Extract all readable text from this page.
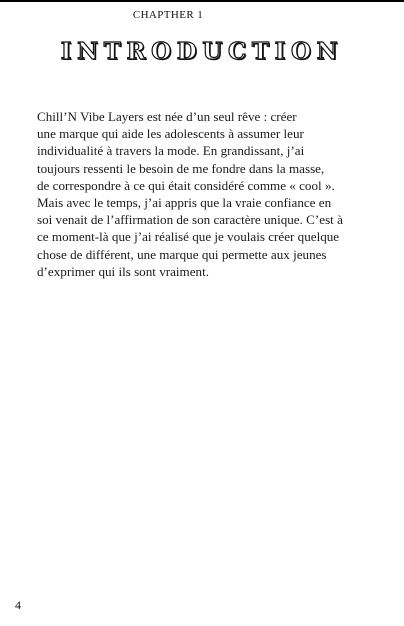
CHAPTHER 1
INTRODUCTION

Chill’N Vibe Layers est née d’un seul rêve : créer
une marque qui aide les adolescents à assumer leur
individualité à travers la mode. En grandissant, j’ai
toujours ressenti le besoin de me fondre dans la masse,
de correspondre à ce qui était considéré comme « cool ».
Mais avec le temps, j’ai appris que la vraie confiance en
soi venait de l’affirmation de son caractère unique. C’est à
ce moment-là que j’ai réalisé que je voulais créer quelque
chose de différent, une marque qui permette aux jeunes
d’exprimer qui ils sont vraiment.

4
